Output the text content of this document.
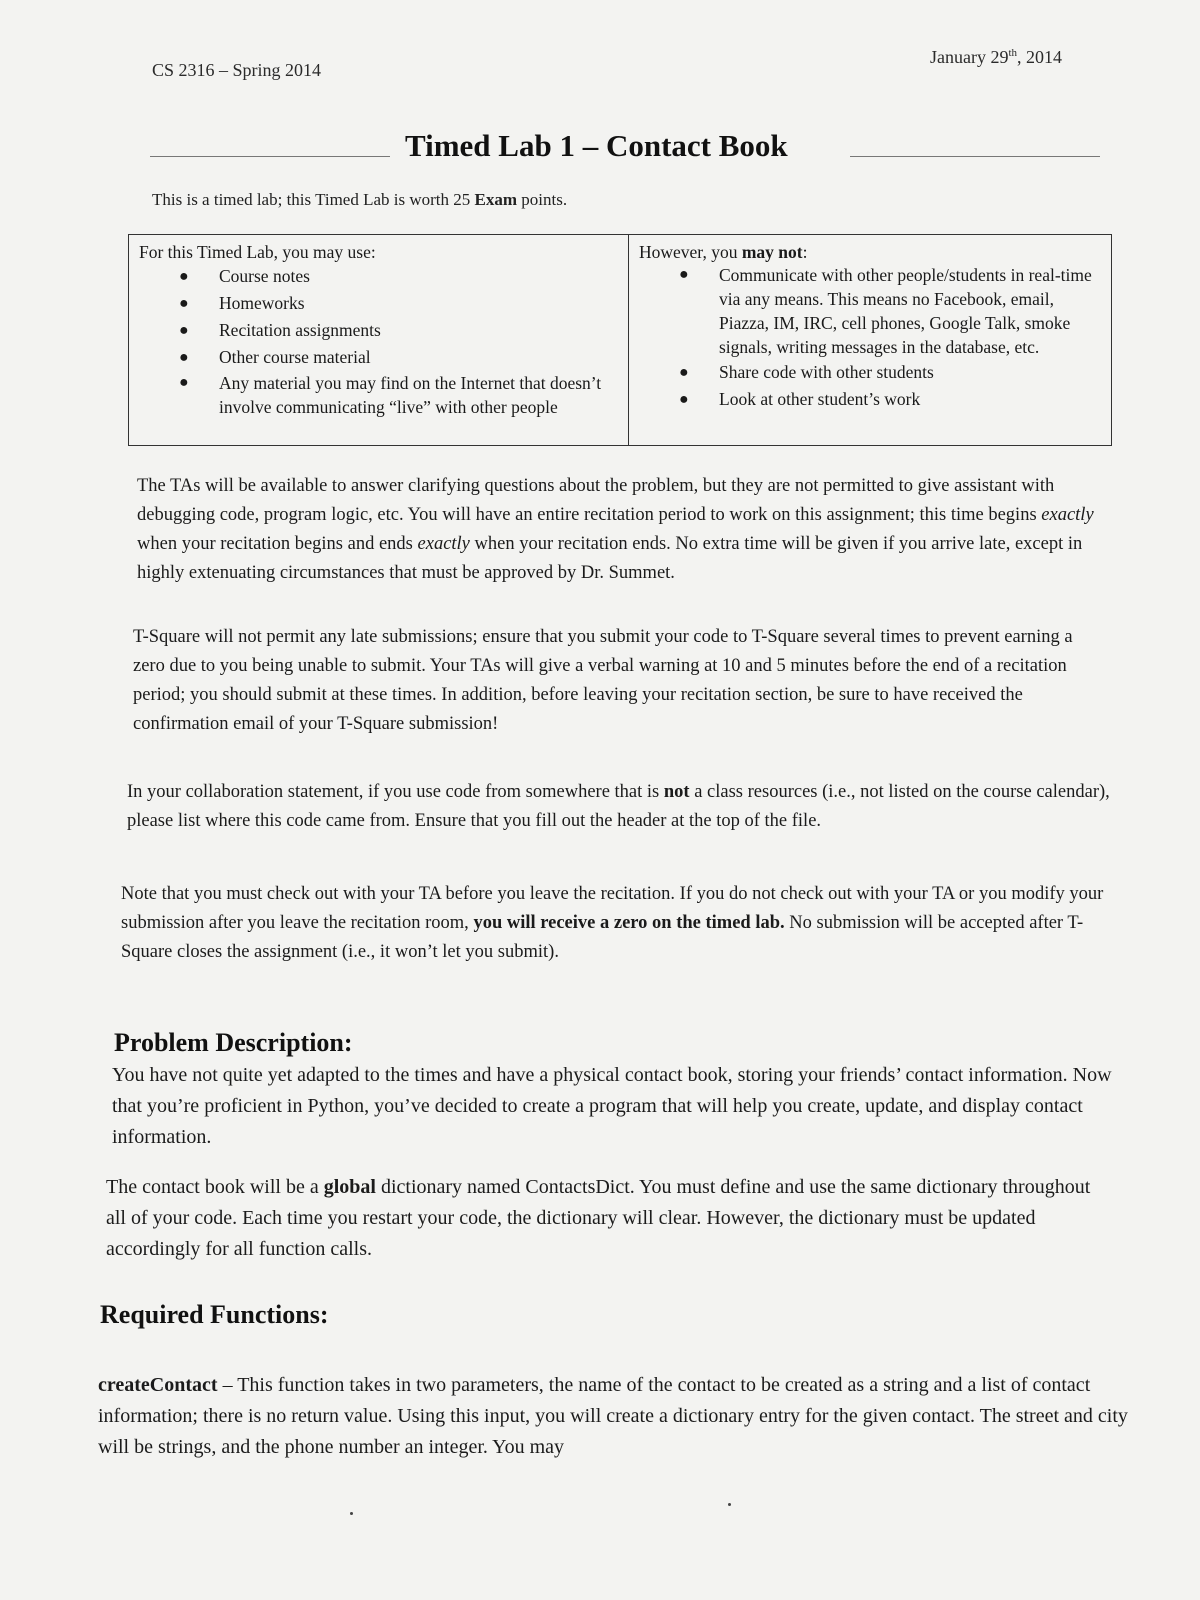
CS 2316 – Spring 2014
January 29th, 2014
Timed Lab 1 – Contact Book
This is a timed lab; this Timed Lab is worth 25 Exam points.
For this Timed Lab, you may use:
● Course notes
● Homeworks
● Recitation assignments
● Other course material
● Any material you may find on the Internet that doesn’t involve communicating “live” with other people
However, you may not:
● Communicate with other people/students in real-time via any means. This means no Facebook, email, Piazza, IM, IRC, cell phones, Google Talk, smoke signals, writing messages in the database, etc.
● Share code with other students
● Look at other student’s work
The TAs will be available to answer clarifying questions about the problem, but they are not permitted to give assistant with debugging code, program logic, etc. You will have an entire recitation period to work on this assignment; this time begins exactly when your recitation begins and ends exactly when your recitation ends. No extra time will be given if you arrive late, except in highly extenuating circumstances that must be approved by Dr. Summet.
T-Square will not permit any late submissions; ensure that you submit your code to T-Square several times to prevent earning a zero due to you being unable to submit. Your TAs will give a verbal warning at 10 and 5 minutes before the end of a recitation period; you should submit at these times. In addition, before leaving your recitation section, be sure to have received the confirmation email of your T-Square submission!
In your collaboration statement, if you use code from somewhere that is not a class resources (i.e., not listed on the course calendar), please list where this code came from. Ensure that you fill out the header at the top of the file.
Note that you must check out with your TA before you leave the recitation. If you do not check out with your TA or you modify your submission after you leave the recitation room, you will receive a zero on the timed lab. No submission will be accepted after T-Square closes the assignment (i.e., it won’t let you submit).
Problem Description:
You have not quite yet adapted to the times and have a physical contact book, storing your friends’ contact information. Now that you’re proficient in Python, you’ve decided to create a program that will help you create, update, and display contact information.
The contact book will be a global dictionary named ContactsDict. You must define and use the same dictionary throughout all of your code. Each time you restart your code, the dictionary will clear. However, the dictionary must be updated accordingly for all function calls.
Required Functions:
createContact – This function takes in two parameters, the name of the contact to be created as a string and a list of contact information; there is no return value. Using this input, you will create a dictionary entry for the given contact. The street and city will be strings, and the phone number an integer. You may
